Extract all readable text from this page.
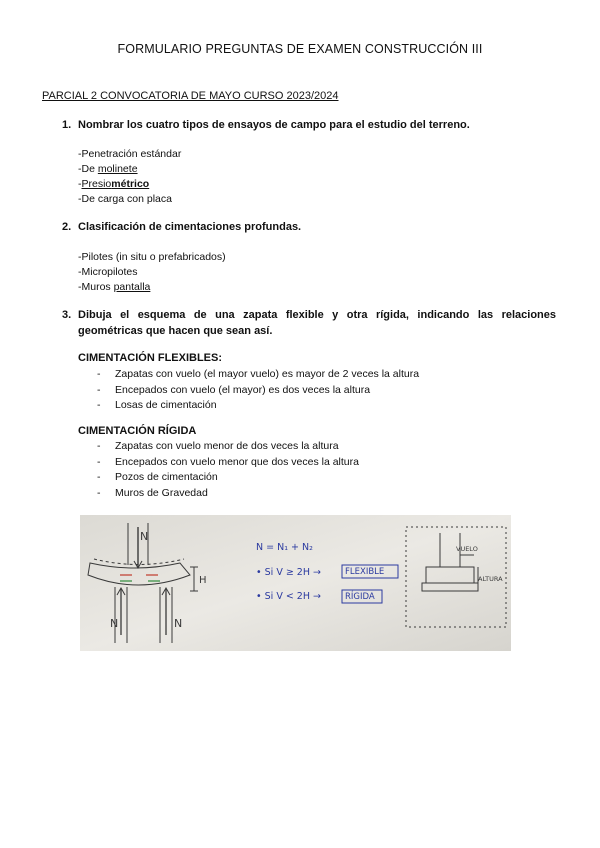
FORMULARIO PREGUNTAS DE EXAMEN CONSTRUCCIÓN III
PARCIAL 2 CONVOCATORIA DE MAYO CURSO 2023/2024
1. Nombrar los cuatro tipos de ensayos de campo para el estudio del terreno.
-Penetración estándar
-De molinete
-Presiométrico
-De carga con placa
2. Clasificación de cimentaciones profundas.
-Pilotes (in situ o prefabricados)
-Micropilotes
-Muros pantalla
3. Dibuja el esquema de una zapata flexible y otra rígida, indicando las relaciones geométricas que hacen que sean así.
CIMENTACIÓN FLEXIBLES:
- Zapatas con vuelo (el mayor vuelo) es mayor de 2 veces la altura
- Encepados con vuelo (el mayor) es dos veces la altura
- Losas de cimentación
CIMENTACIÓN RÍGIDA
- Zapatas con vuelo menor de dos veces la altura
- Encepados con vuelo menor que dos veces la altura
- Pozos de cimentación
- Muros de Gravedad
N
N	N
H
N = N₁ + N₂
• Si V ≥ 2H →	FLEXIBLE
• Si V < 2H →	RÍGIDA
VUELO
ALTURA
